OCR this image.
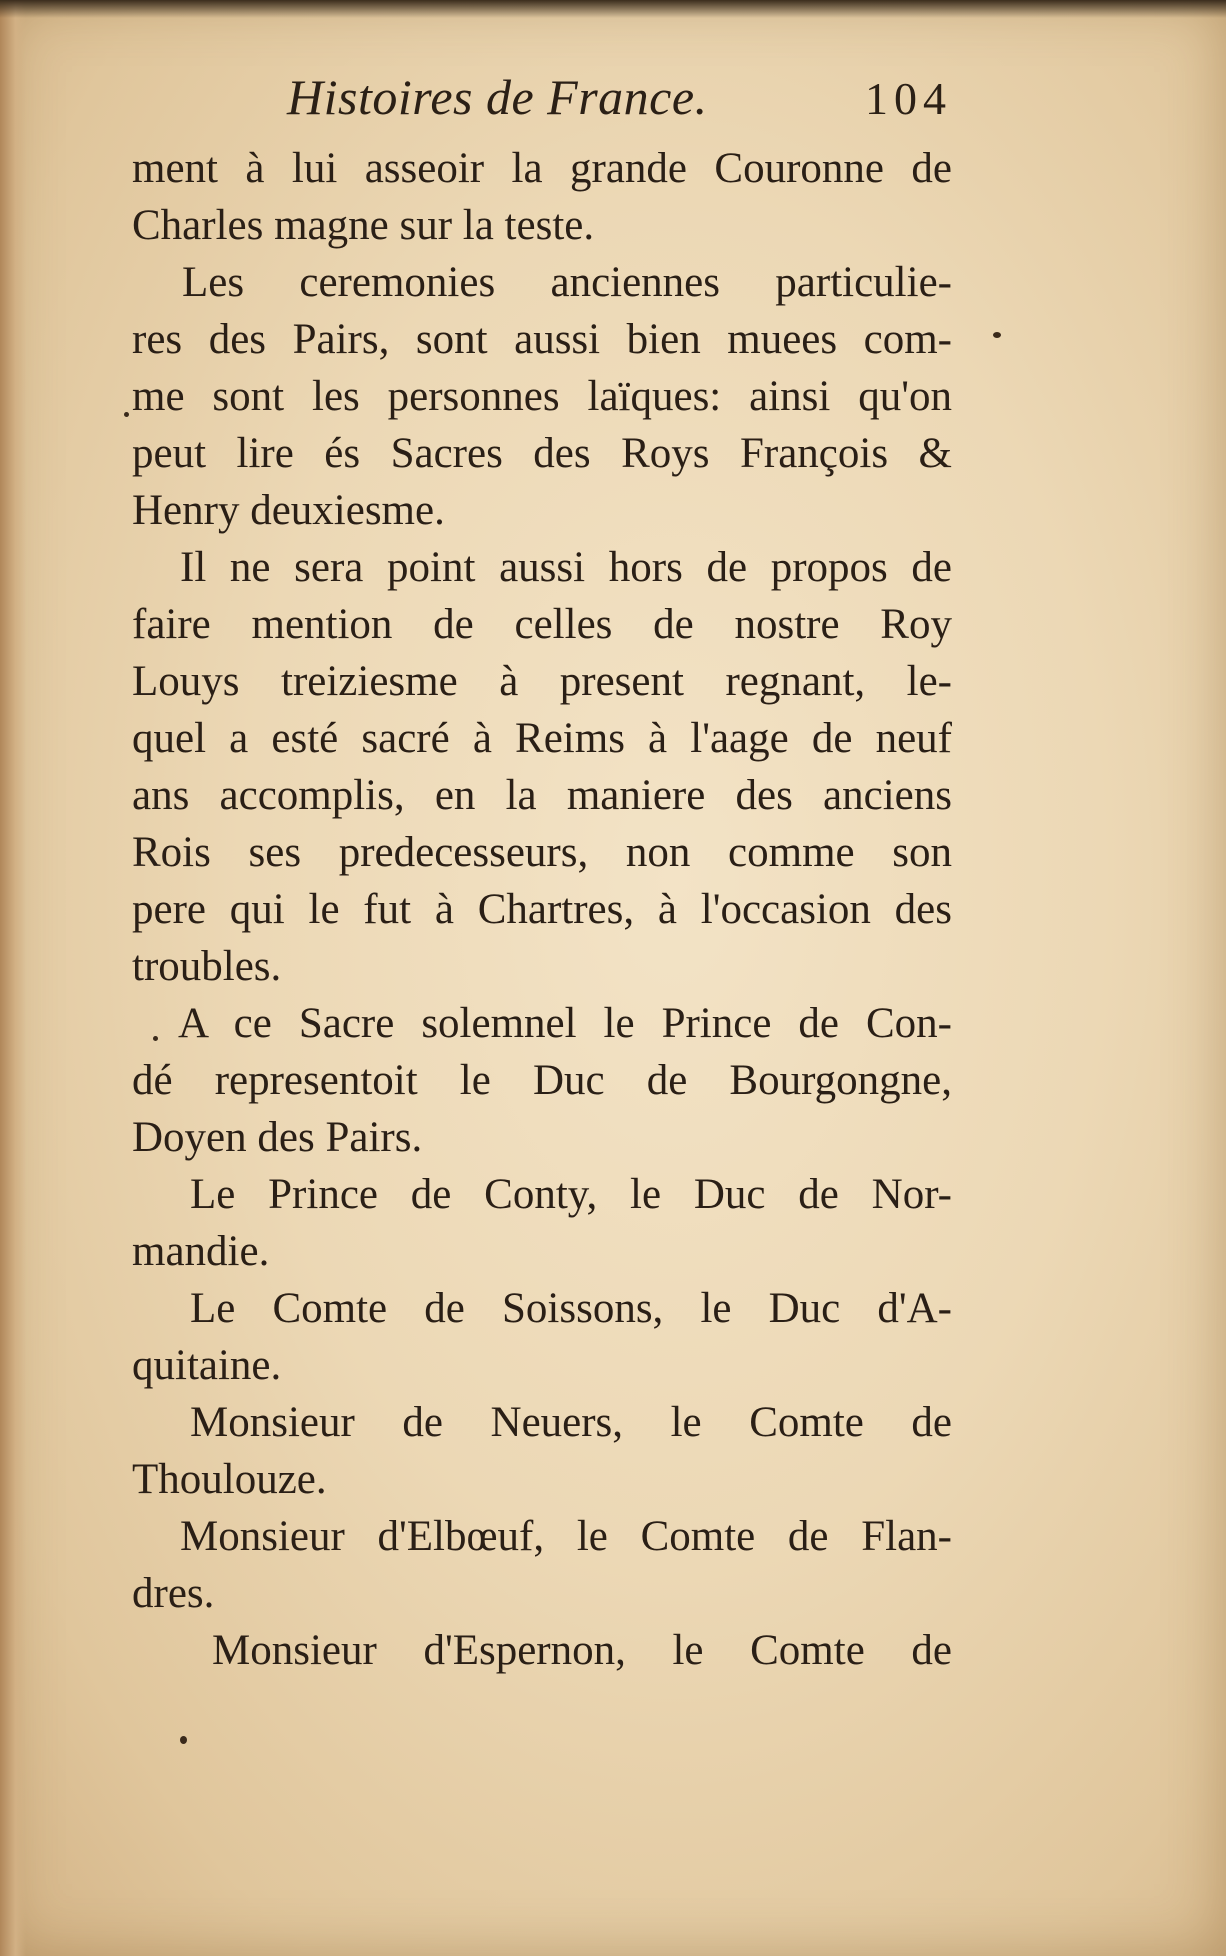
Histoires de France.	104
ment à lui asseoir la grande Couronne de
Charles magne sur la teste.
Les ceremonies anciennes particulie-
res des Pairs, sont aussi bien muees com-
me sont les personnes laïques: ainsi qu'on
peut lire és Sacres des Roys François &
Henry deuxiesme.
Il ne sera point aussi hors de propos de
faire mention de celles de nostre Roy
Louys treiziesme à present regnant, le-
quel a esté sacré à Reims à l'aage de neuf
ans accomplis, en la maniere des anciens
Rois ses predecesseurs, non comme son
pere qui le fut à Chartres, à l'occasion des
troubles.
A ce Sacre solemnel le Prince de Con-
dé representoit le Duc de Bourgongne,
Doyen des Pairs.
Le Prince de Conty, le Duc de Nor-
mandie.
Le Comte de Soissons, le Duc d'A-
quitaine.
Monsieur de Neuers, le Comte de
Thoulouze.
Monsieur d'Elbœuf, le Comte de Flan-
dres.
Monsieur d'Espernon, le Comte de
